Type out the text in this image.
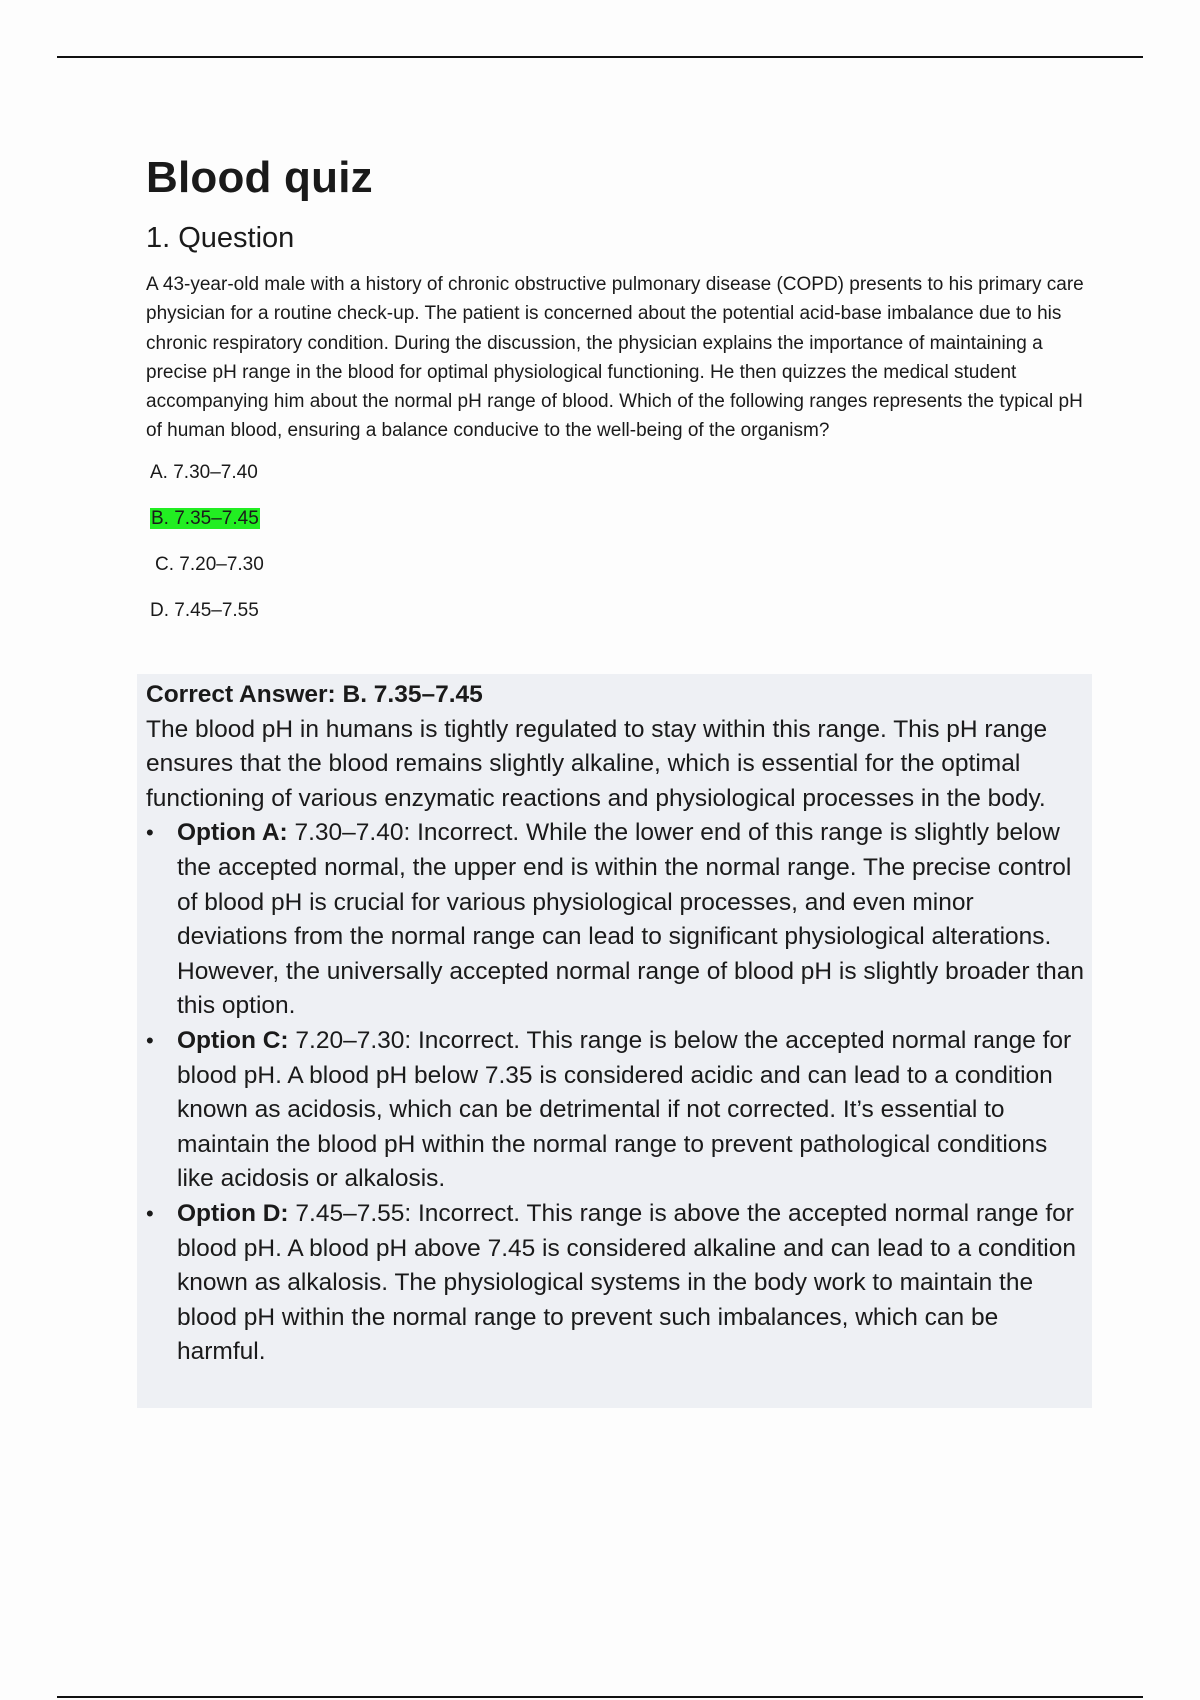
Blood quiz
1. Question

A 43-year-old male with a history of chronic obstructive pulmonary disease (COPD) presents to his primary care physician for a routine check-up. The patient is concerned about the potential acid-base imbalance due to his chronic respiratory condition. During the discussion, the physician explains the importance of maintaining a precise pH range in the blood for optimal physiological functioning. He then quizzes the medical student accompanying him about the normal pH range of blood. Which of the following ranges represents the typical pH of human blood, ensuring a balance conducive to the well-being of the organism?

A. 7.30–7.40
B. 7.35–7.45
C. 7.20–7.30
D. 7.45–7.55
Correct Answer: B. 7.35–7.45
The blood pH in humans is tightly regulated to stay within this range. This pH range ensures that the blood remains slightly alkaline, which is essential for the optimal functioning of various enzymatic reactions and physiological processes in the body.
• Option A: 7.30–7.40: Incorrect. While the lower end of this range is slightly below the accepted normal, the upper end is within the normal range. The precise control of blood pH is crucial for various physiological processes, and even minor deviations from the normal range can lead to significant physiological alterations. However, the universally accepted normal range of blood pH is slightly broader than this option.
• Option C: 7.20–7.30: Incorrect. This range is below the accepted normal range for blood pH. A blood pH below 7.35 is considered acidic and can lead to a condition known as acidosis, which can be detrimental if not corrected. It’s essential to maintain the blood pH within the normal range to prevent pathological conditions like acidosis or alkalosis.
• Option D: 7.45–7.55: Incorrect. This range is above the accepted normal range for blood pH. A blood pH above 7.45 is considered alkaline and can lead to a condition known as alkalosis. The physiological systems in the body work to maintain the blood pH within the normal range to prevent such imbalances, which can be harmful.
